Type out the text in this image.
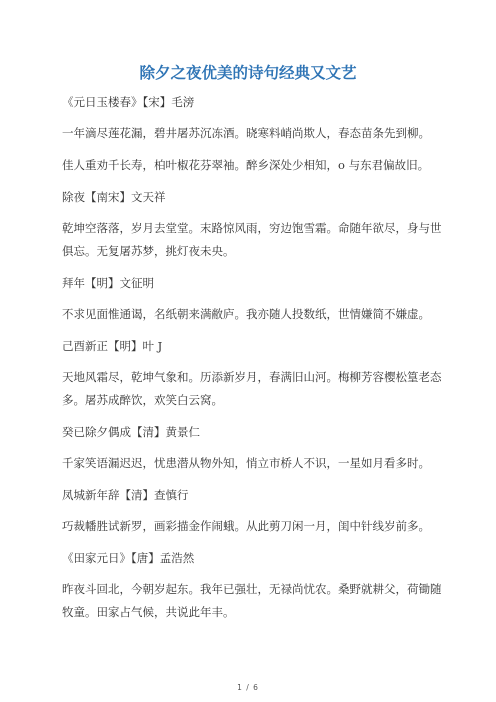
除夕之夜优美的诗句经典又文艺

《元日玉楼春》【宋】毛滂

一年滴尽莲花漏，碧井屠苏沉冻酒。晓寒料峭尚欺人，春态苗条先到柳。

佳人重劝千长寿，柏叶椒花芬翠袖。醉乡深处少相知，o 与东君偏故旧。

除夜【南宋】文天祥

乾坤空落落，岁月去堂堂。末路惊风雨，穷边饱雪霜。命随年欲尽，身与世俱忘。无复屠苏梦，挑灯夜未央。

拜年【明】文征明

不求见面惟通谒，名纸朝来满敝庐。我亦随人投数纸，世情嫌简不嫌虚。

己酉新正【明】叶 J

天地风霜尽，乾坤气象和。历添新岁月，春满旧山河。梅柳芳容樱松篁老态多。屠苏成醉饮，欢笑白云窝。

癸已除夕偶成【清】黄景仁

千家笑语漏迟迟，忧患潜从物外知，悄立市桥人不识，一星如月看多时。

凤城新年辞【清】查慎行

巧裁幡胜试新罗，画彩描金作闹蛾。从此剪刀闲一月，闺中针线岁前多。

《田家元日》【唐】孟浩然

昨夜斗回北，今朝岁起东。我年已强壮，无禄尚忧农。桑野就耕父，荷锄随牧童。田家占气候，共说此年丰。

1 / 6
